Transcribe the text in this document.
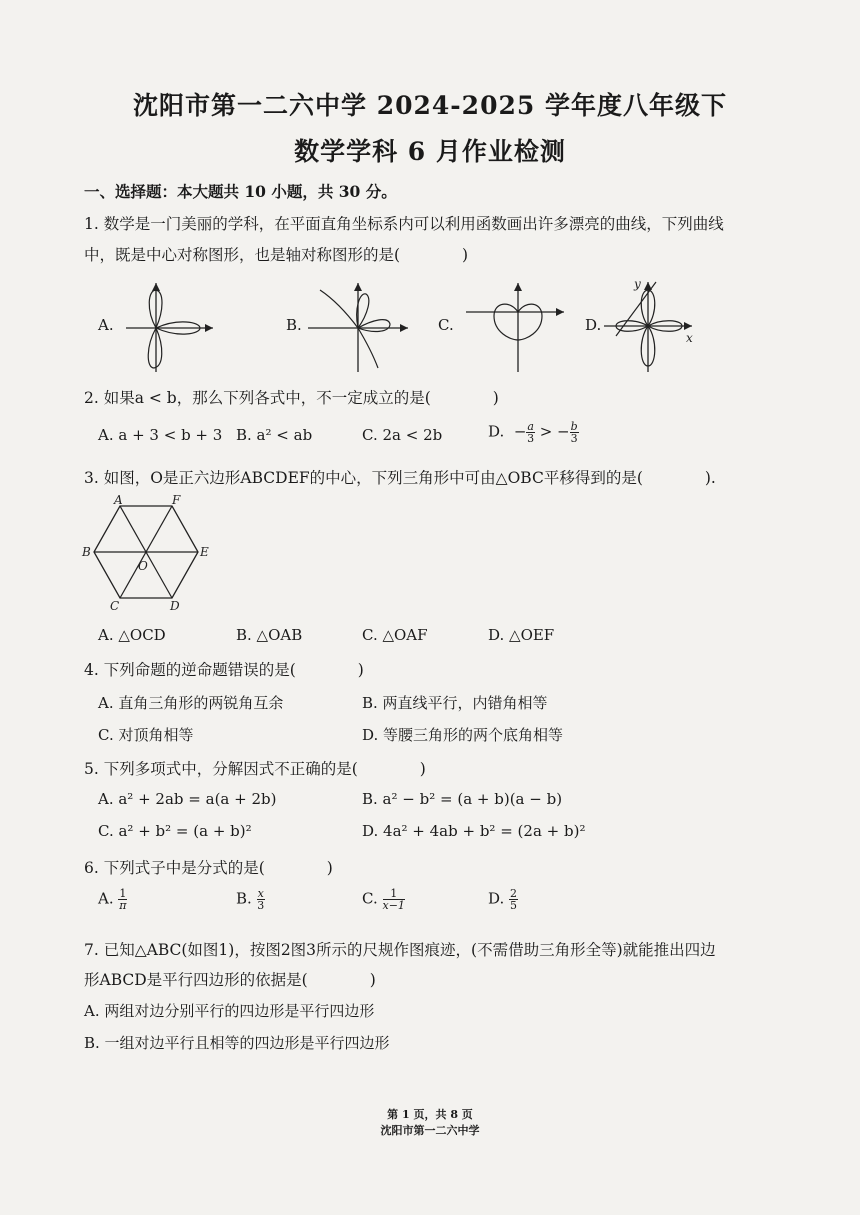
沈阳市第一二六中学 2024-2025 学年度八年级下
数学学科 6 月作业检测
一、选择题：本大题共 10 小题，共 30 分。
1. 数学是一门美丽的学科，在平面直角坐标系内可以利用函数画出许多漂亮的曲线，下列曲线
中，既是中心对称图形，也是轴对称图形的是(　　　　)
A.	B.	C.	D.
y
x
2. 如果a < b，那么下列各式中，不一定成立的是(　　　　)
A. a + 3 < b + 3 B. a² < ab	C. 2a < 2b	D. − $\frac{a}{3}$ > − $\frac{b}{3}$
3. 如图，O是正六边形ABCDEF的中心，下列三角形中可由△OBC平移得到的是(　　　　).
A	F
B	E
C	D
O
A. △OCD	B. △OAB	C. △OAF	D. △OEF
4. 下列命题的逆命题错误的是(　　　　)
A. 直角三角形的两锐角互余	B. 两直线平行，内错角相等
C. 对顶角相等	D. 等腰三角形的两个底角相等
5. 下列多项式中，分解因式不正确的是(　　　　)
A. a² + 2ab = a(a + 2b)	B. a² − b² = (a + b)(a − b)
C. a² + b² = (a + b)²	D. 4a² + 4ab + b² = (2a + b)²
6. 下列式子中是分式的是(　　　　)
A. $\frac{1}{\pi}$	B. $\frac{x}{3}$	C. $\frac{1}{x-1}$	D. $\frac{2}{5}$
7. 已知△ABC(如图1)，按图2图3所示的尺规作图痕迹，(不需借助三角形全等)就能推出四边
形ABCD是平行四边形的依据是(　　　　)
A. 两组对边分别平行的四边形是平行四边形
B. 一组对边平行且相等的四边形是平行四边形
第 1 页，共 8 页
沈阳市第一二六中学
